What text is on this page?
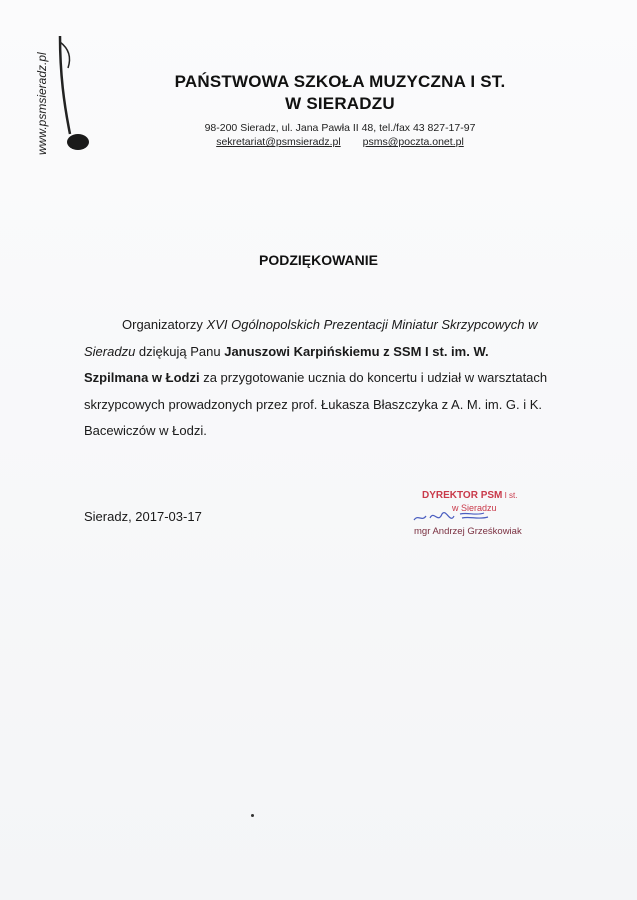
www.psmsieradz.pl	PAŃSTWOWA SZKOŁA MUZYCZNA I ST.
W SIERADZU
98-200 Sieradz, ul. Jana Pawła II 48, tel./fax 43 827-17-97
sekretariat@psmsieradz.pl psms@poczta.onet.pl
PODZIĘKOWANIE
Organizatorzy XVI Ogólnopolskich Prezentacji Miniatur Skrzypcowych w Sieradzu dziękują Panu Januszowi Karpińskiemu z SSM I st. im. W. Szpilmana w Łodzi za przygotowanie ucznia do koncertu i udział w warsztatach skrzypcowych prowadzonych przez prof. Łukasza Błaszczyka z A. M. im. G. i K. Bacewiczów w Łodzi.
Sieradz, 2017-03-17
DYREKTOR PSM I st.
w Sieradzu
mgr Andrzej Grześkowiak
